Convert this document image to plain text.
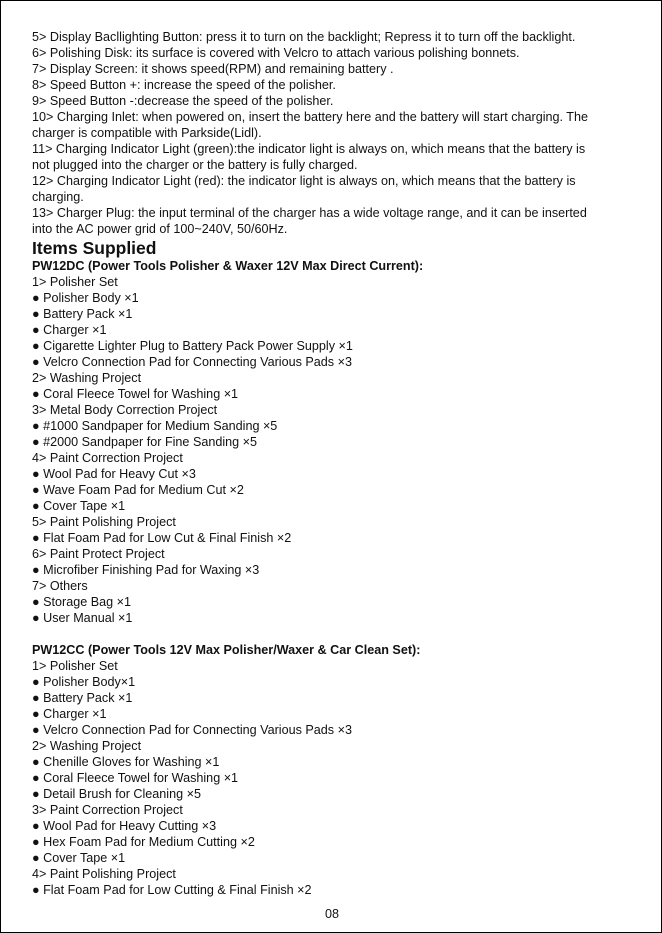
5> Display Bacllighting Button: press it to turn on the backlight; Repress it to turn off the backlight.
6> Polishing Disk: its surface is covered with Velcro to attach various polishing bonnets.
7> Display Screen: it shows speed(RPM) and remaining battery .
8> Speed Button +: increase the speed of the polisher.
9> Speed Button -:decrease the speed of the polisher.
10> Charging Inlet: when powered on, insert the battery here and the battery will start charging. The
charger is compatible with Parkside(Lidl).
11> Charging Indicator Light (green):the indicator light is always on, which means that the battery is
not plugged into the charger or the battery is fully charged.
12> Charging Indicator Light (red): the indicator light is always on, which means that the battery is
charging.
13> Charger Plug: the input terminal of the charger has a wide voltage range, and it can be inserted
into the AC power grid of 100~240V, 50/60Hz.
Items Supplied
PW12DC (Power Tools Polisher & Waxer 12V Max Direct Current):
1> Polisher Set
● Polisher Body ×1
● Battery Pack ×1
● Charger ×1
● Cigarette Lighter Plug to Battery Pack Power Supply ×1
● Velcro Connection Pad for Connecting Various Pads ×3
2> Washing Project
● Coral Fleece Towel for Washing ×1
3> Metal Body Correction Project
● #1000 Sandpaper for Medium Sanding ×5
● #2000 Sandpaper for Fine Sanding ×5
4> Paint Correction Project
● Wool Pad for Heavy Cut ×3
● Wave Foam Pad for Medium Cut ×2
● Cover Tape ×1
5> Paint Polishing Project
● Flat Foam Pad for Low Cut & Final Finish ×2
6> Paint Protect Project
● Microfiber Finishing Pad for Waxing ×3
7> Others
● Storage Bag ×1
● User Manual ×1
PW12CC (Power Tools 12V Max Polisher/Waxer & Car Clean Set):
1> Polisher Set
● Polisher Body×1
● Battery Pack ×1
● Charger ×1
● Velcro Connection Pad for Connecting Various Pads ×3
2> Washing Project
● Chenille Gloves for Washing ×1
● Coral Fleece Towel for Washing ×1
● Detail Brush for Cleaning ×5
3> Paint Correction Project
● Wool Pad for Heavy Cutting ×3
● Hex Foam Pad for Medium Cutting ×2
● Cover Tape ×1
4> Paint Polishing Project
● Flat Foam Pad for Low Cutting & Final Finish ×2
08
